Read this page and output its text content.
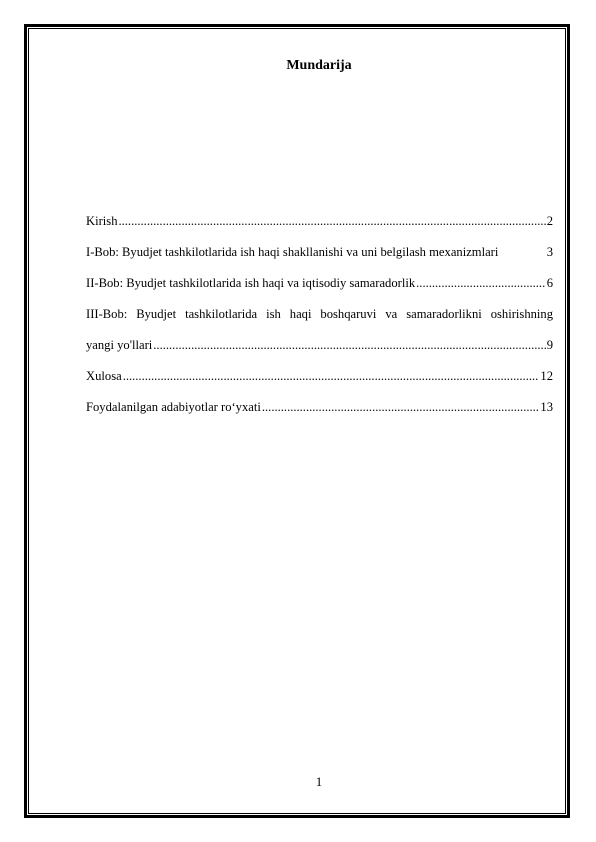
Mundarija
Kirish .....	2
I-Bob: Byudjet tashkilotlarida ish haqi shakllanishi va uni belgilash mexanizmlari	3
II-Bob: Byudjet tashkilotlarida ish haqi va iqtisodiy samaradorlik .....	6
III-Bob: Byudjet tashkilotlarida ish haqi boshqaruvi va samaradorlikni oshirishning
yangi yo'llari .....	9
Xulosa .....	12
Foydalanilgan adabiyotlar ro‘yxati .....	13
1
